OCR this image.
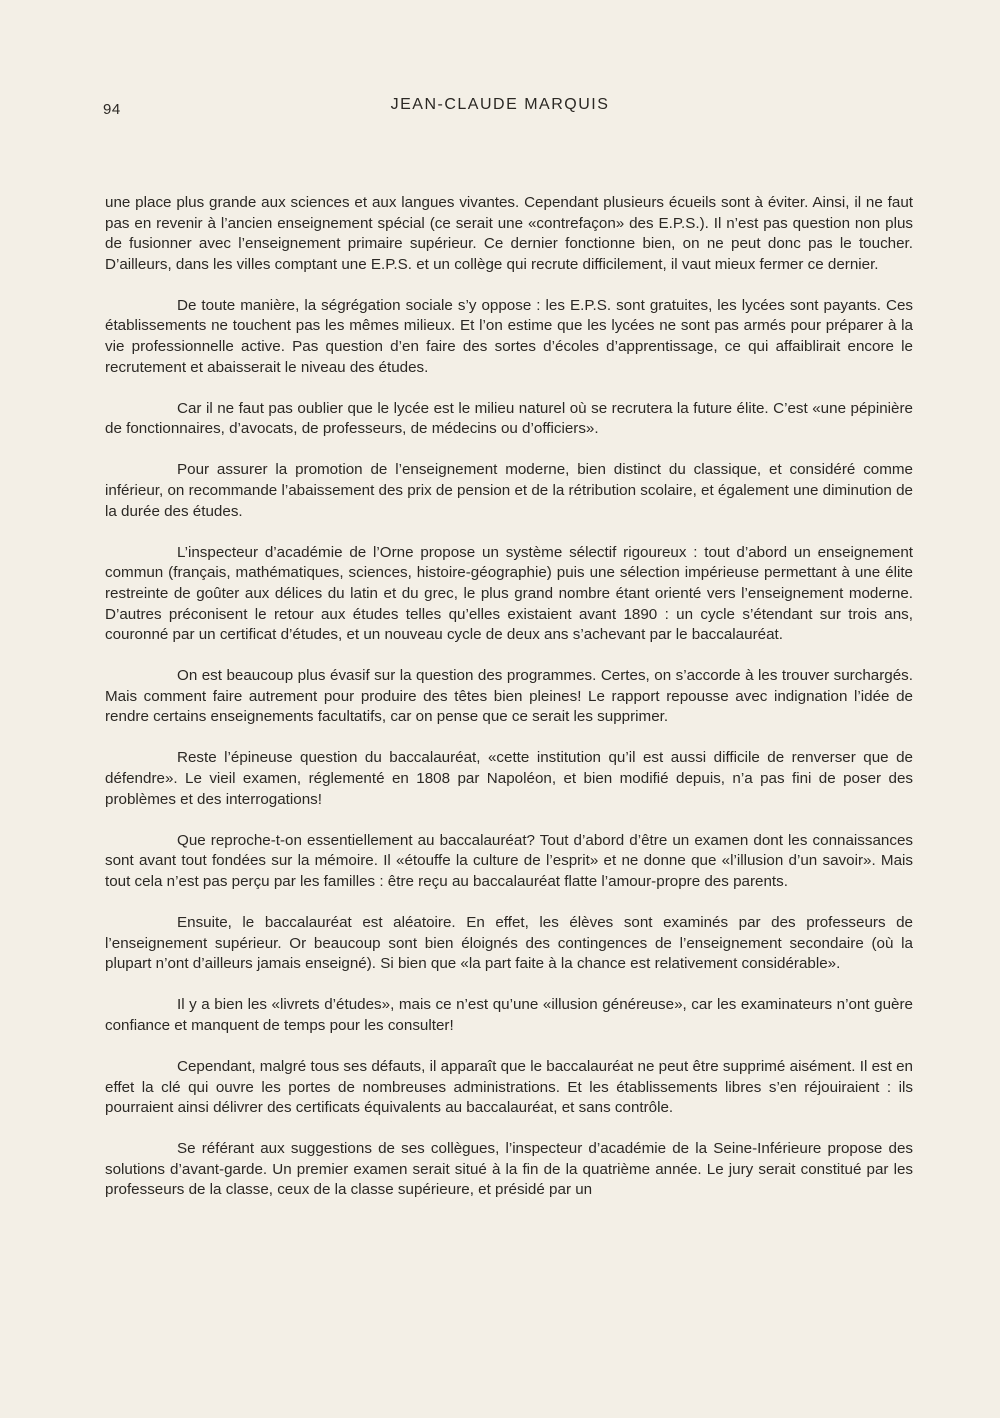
94	JEAN-CLAUDE MARQUIS

une place plus grande aux sciences et aux langues vivantes. Cependant plusieurs écueils sont à éviter. Ainsi, il ne faut pas en revenir à l’ancien enseignement spécial (ce serait une «contrefaçon» des E.P.S.). Il n’est pas question non plus de fusionner avec l’enseignement primaire supérieur. Ce dernier fonctionne bien, on ne peut donc pas le toucher. D’ailleurs, dans les villes comptant une E.P.S. et un collège qui recrute difficilement, il vaut mieux fermer ce dernier.

De toute manière, la ségrégation sociale s’y oppose : les E.P.S. sont gratuites, les lycées sont payants. Ces établissements ne touchent pas les mêmes milieux. Et l’on estime que les lycées ne sont pas armés pour préparer à la vie professionnelle active. Pas question d’en faire des sortes d’écoles d’apprentissage, ce qui affaiblirait encore le recrutement et abaisserait le niveau des études.

Car il ne faut pas oublier que le lycée est le milieu naturel où se recrutera la future élite. C’est «une pépinière de fonctionnaires, d’avocats, de professeurs, de médecins ou d’officiers».

Pour assurer la promotion de l’enseignement moderne, bien distinct du classique, et considéré comme inférieur, on recommande l’abaissement des prix de pension et de la rétribution scolaire, et également une diminution de la durée des études.

L’inspecteur d’académie de l’Orne propose un système sélectif rigoureux : tout d’abord un enseignement commun (français, mathématiques, sciences, histoire-géographie) puis une sélection impérieuse permettant à une élite restreinte de goûter aux délices du latin et du grec, le plus grand nombre étant orienté vers l’enseignement moderne. D’autres préconisent le retour aux études telles qu’elles existaient avant 1890 : un cycle s’étendant sur trois ans, couronné par un certificat d’études, et un nouveau cycle de deux ans s’achevant par le baccalauréat.

On est beaucoup plus évasif sur la question des programmes. Certes, on s’accorde à les trouver surchargés. Mais comment faire autrement pour produire des têtes bien pleines! Le rapport repousse avec indignation l’idée de rendre certains enseignements facultatifs, car on pense que ce serait les supprimer.

Reste l’épineuse question du baccalauréat, «cette institution qu’il est aussi difficile de renverser que de défendre». Le vieil examen, réglementé en 1808 par Napoléon, et bien modifié depuis, n’a pas fini de poser des problèmes et des interrogations!

Que reproche-t-on essentiellement au baccalauréat? Tout d’abord d’être un examen dont les connaissances sont avant tout fondées sur la mémoire. Il «étouffe la culture de l’esprit» et ne donne que «l’illusion d’un savoir». Mais tout cela n’est pas perçu par les familles : être reçu au baccalauréat flatte l’amour-propre des parents.

Ensuite, le baccalauréat est aléatoire. En effet, les élèves sont examinés par des professeurs de l’enseignement supérieur. Or beaucoup sont bien éloignés des contingences de l’enseignement secondaire (où la plupart n’ont d’ailleurs jamais enseigné). Si bien que «la part faite à la chance est relativement considérable».

Il y a bien les «livrets d’études», mais ce n’est qu’une «illusion généreuse», car les examinateurs n’ont guère confiance et manquent de temps pour les consulter!

Cependant, malgré tous ses défauts, il apparaît que le baccalauréat ne peut être supprimé aisément. Il est en effet la clé qui ouvre les portes de nombreuses administrations. Et les établissements libres s’en réjouiraient : ils pourraient ainsi délivrer des certificats équivalents au baccalauréat, et sans contrôle.

Se référant aux suggestions de ses collègues, l’inspecteur d’académie de la Seine-Inférieure propose des solutions d’avant-garde. Un premier examen serait situé à la fin de la quatrième année. Le jury serait constitué par les professeurs de la classe, ceux de la classe supérieure, et présidé par un
